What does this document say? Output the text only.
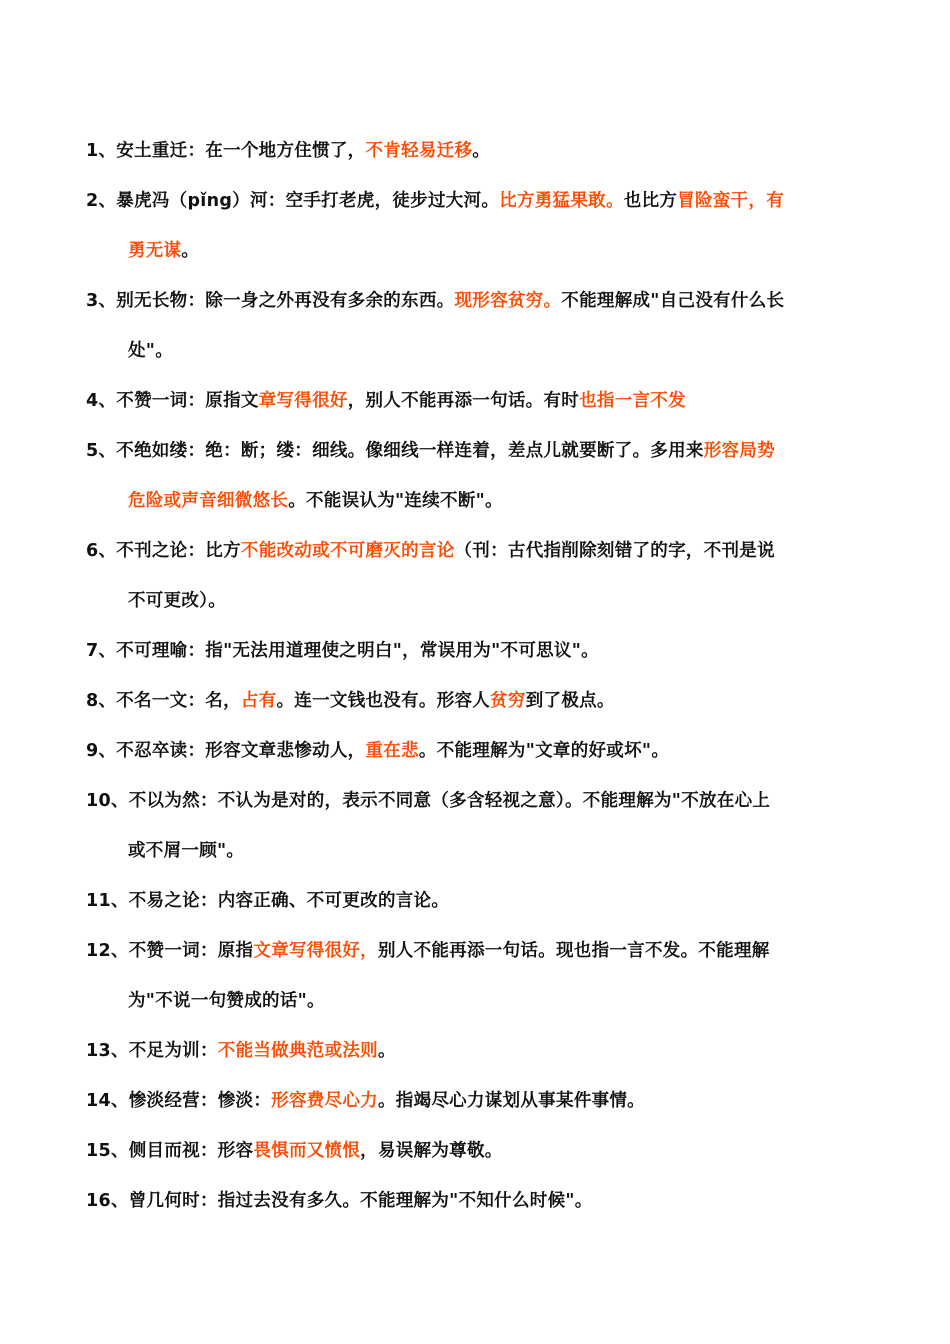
1、安土重迁：在一个地方住惯了，不肯轻易迁移。
2、暴虎冯（pǐng）河：空手打老虎，徒步过大河。比方勇猛果敢。也比方冒险蛮干，有
勇无谋。
3、别无长物：除一身之外再没有多余的东西。现形容贫穷。不能理解成"自己没有什么长
处"。
4、不赞一词：原指文章写得很好，别人不能再添一句话。有时也指一言不发
5、不绝如缕：绝：断；缕：细线。像细线一样连着，差点儿就要断了。多用来形容局势
危险或声音细微悠长。不能误认为"连续不断"。
6、不刊之论：比方不能改动或不可磨灭的言论（刊：古代指削除刻错了的字，不刊是说
不可更改）。
7、不可理喻：指"无法用道理使之明白"，常误用为"不可思议"。
8、不名一文：名，占有。连一文钱也没有。形容人贫穷到了极点。
9、不忍卒读：形容文章悲惨动人，重在悲。不能理解为"文章的好或坏"。
10、不以为然：不认为是对的，表示不同意（多含轻视之意）。不能理解为"不放在心上
或不屑一顾"。
11、不易之论：内容正确、不可更改的言论。
12、不赞一词：原指文章写得很好，别人不能再添一句话。现也指一言不发。不能理解
为"不说一句赞成的话"。
13、不足为训：不能当做典范或法则。
14、惨淡经营：惨淡：形容费尽心力。指竭尽心力谋划从事某件事情。
15、侧目而视：形容畏惧而又愤恨，易误解为尊敬。
16、曾几何时：指过去没有多久。不能理解为"不知什么时候"。
